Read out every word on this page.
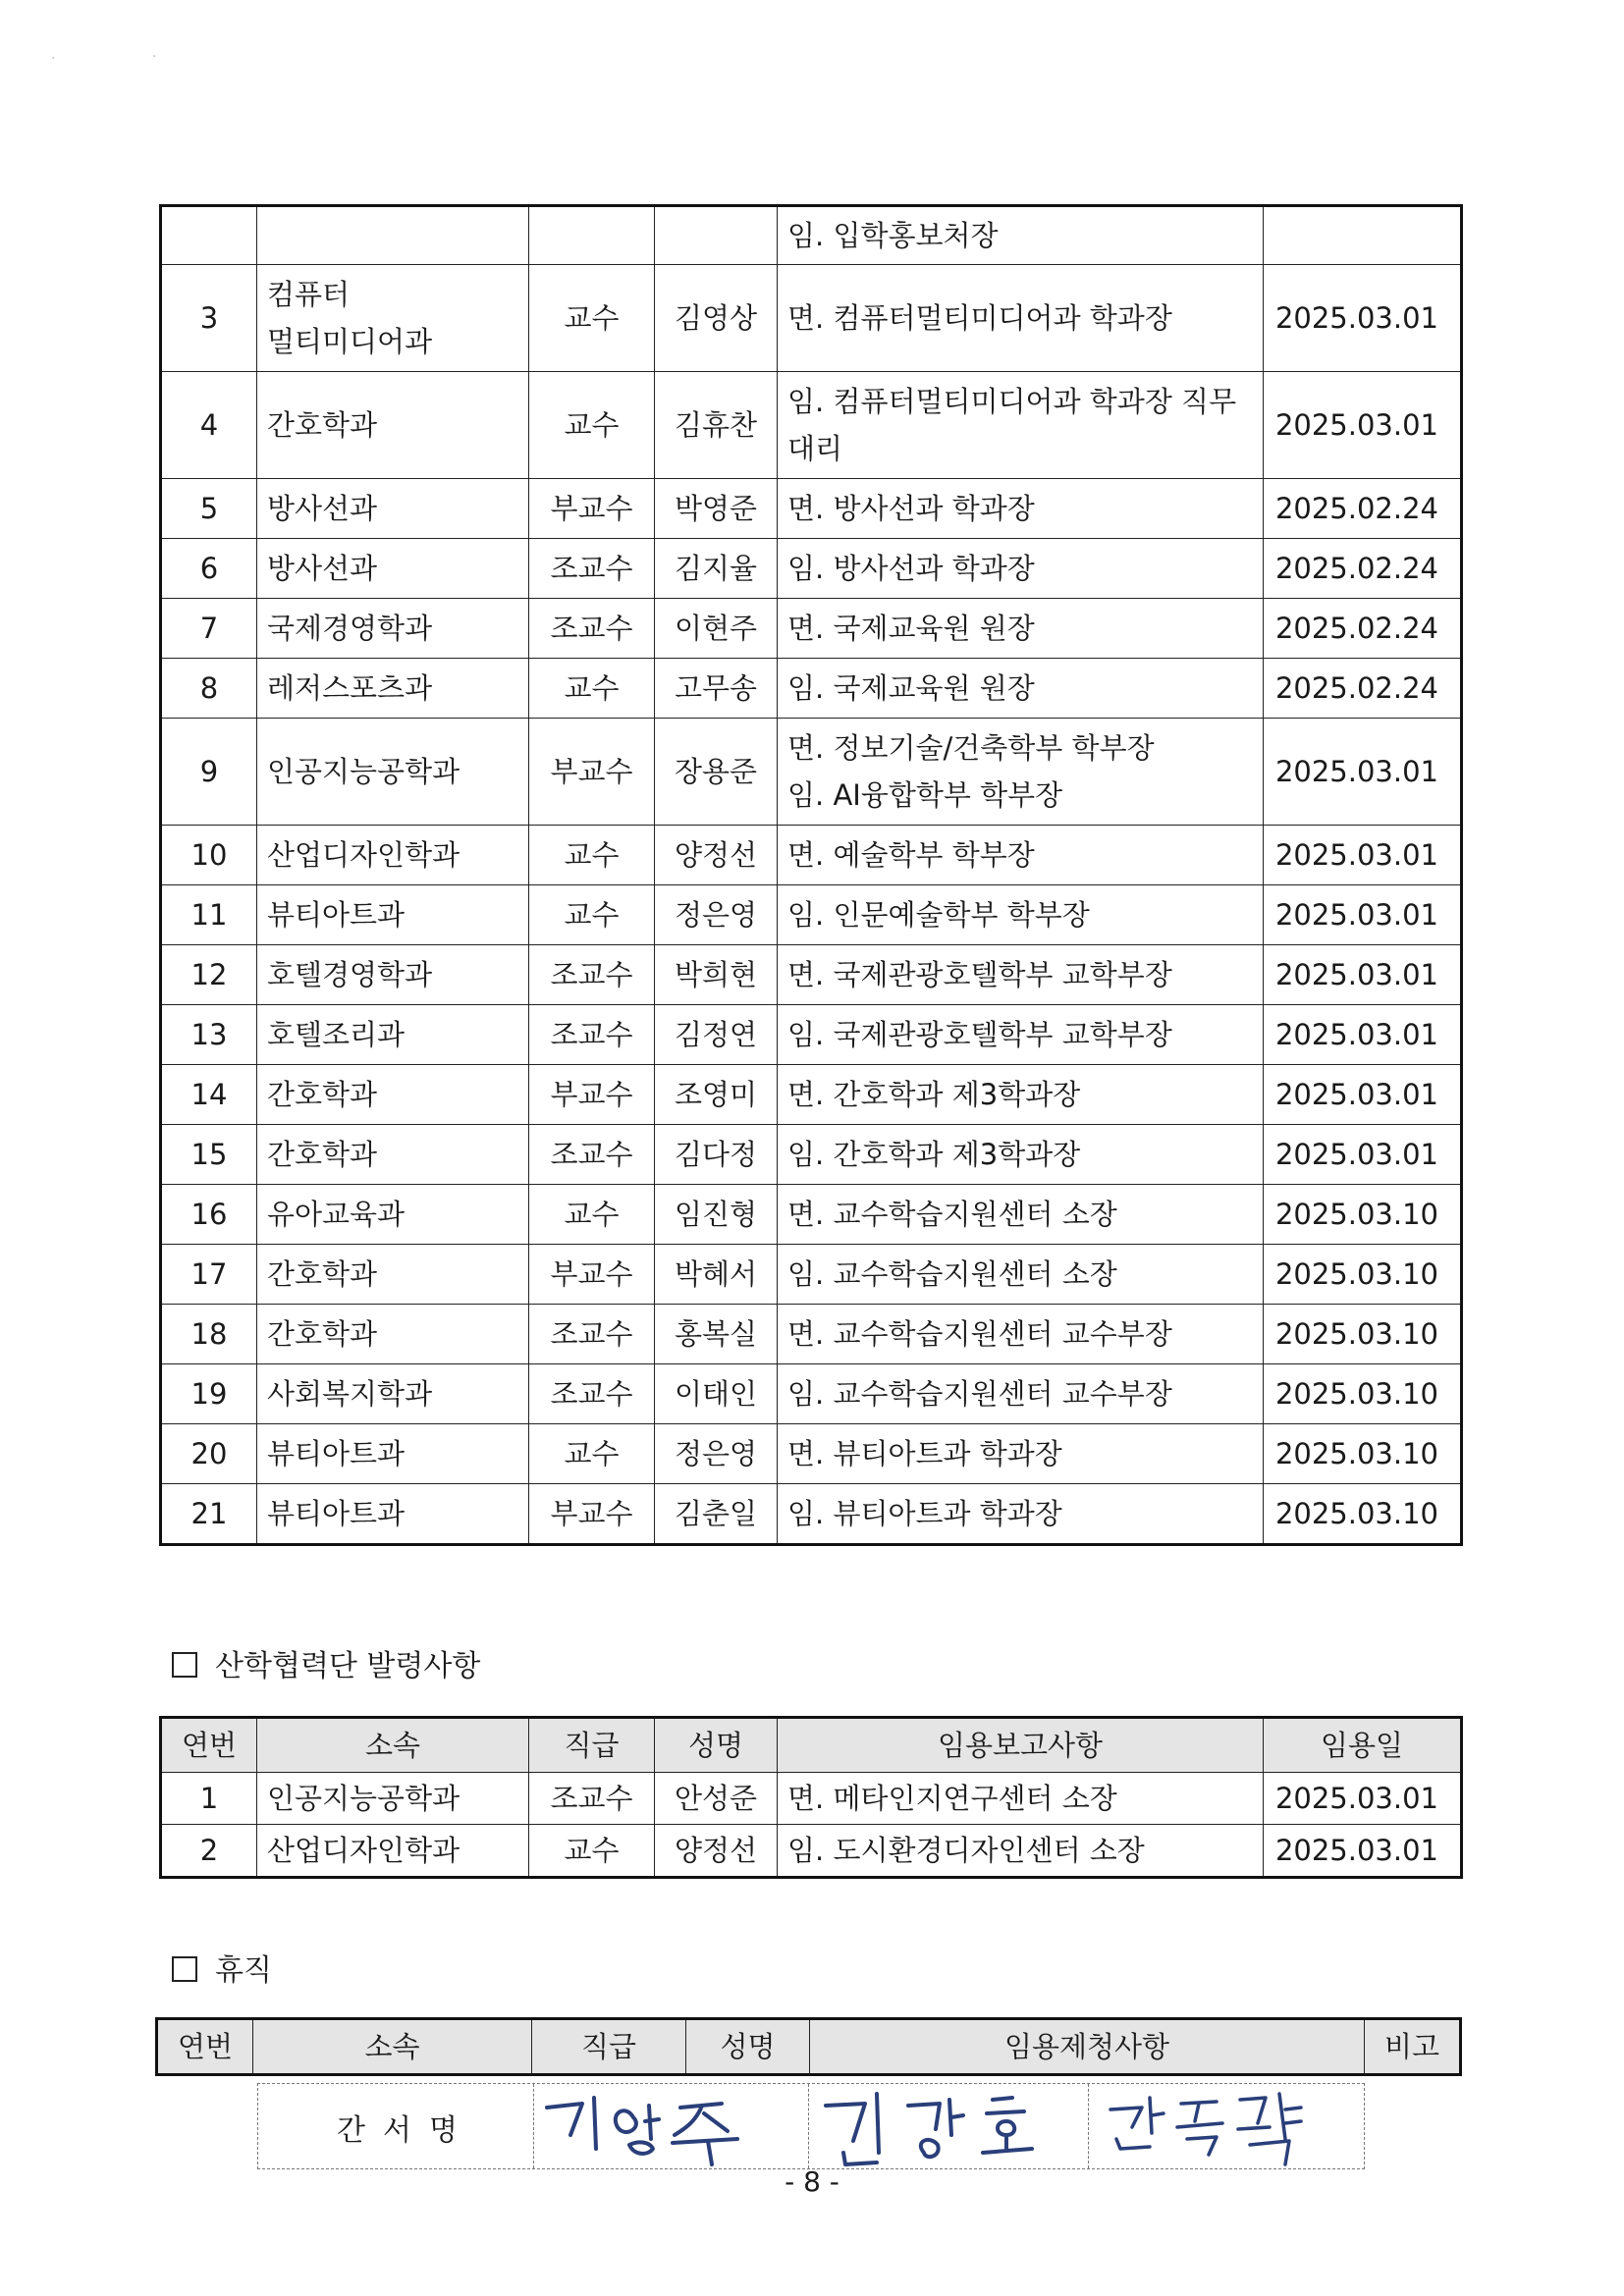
·	·
				임. 입학홍보처장	
3	컴퓨터
멀티미디어과	교수	김영상	면. 컴퓨터멀티미디어과 학과장	2025.03.01
4	간호학과	교수	김휴찬	임. 컴퓨터멀티미디어과 학과장 직무대리	2025.03.01
5	방사선과	부교수	박영준	면. 방사선과 학과장	2025.02.24
6	방사선과	조교수	김지율	임. 방사선과 학과장	2025.02.24
7	국제경영학과	조교수	이현주	면. 국제교육원 원장	2025.02.24
8	레저스포츠과	교수	고무송	임. 국제교육원 원장	2025.02.24
9	인공지능공학과	부교수	장용준	면. 정보기술/건축학부 학부장
임. AI융합학부 학부장	2025.03.01
10	산업디자인학과	교수	양정선	면. 예술학부 학부장	2025.03.01
11	뷰티아트과	교수	정은영	임. 인문예술학부 학부장	2025.03.01
12	호텔경영학과	조교수	박희현	면. 국제관광호텔학부 교학부장	2025.03.01
13	호텔조리과	조교수	김정연	임. 국제관광호텔학부 교학부장	2025.03.01
14	간호학과	부교수	조영미	면. 간호학과 제3학과장	2025.03.01
15	간호학과	조교수	김다정	임. 간호학과 제3학과장	2025.03.01
16	유아교육과	교수	임진형	면. 교수학습지원센터 소장	2025.03.10
17	간호학과	부교수	박혜서	임. 교수학습지원센터 소장	2025.03.10
18	간호학과	조교수	홍복실	면. 교수학습지원센터 교수부장	2025.03.10
19	사회복지학과	조교수	이태인	임. 교수학습지원센터 교수부장	2025.03.10
20	뷰티아트과	교수	정은영	면. 뷰티아트과 학과장	2025.03.10
21	뷰티아트과	부교수	김춘일	임. 뷰티아트과 학과장	2025.03.10
산학협력단 발령사항
연번	소속	직급	성명	임용보고사항	임용일
1	인공지능공학과	조교수	안성준	면. 메타인지연구센터 소장	2025.03.01
2	산업디자인학과	교수	양정선	임. 도시환경디자인센터 소장	2025.03.01
휴직
연번	소속	직급	성명	임용제청사항	비고
간서명
- 8 -
